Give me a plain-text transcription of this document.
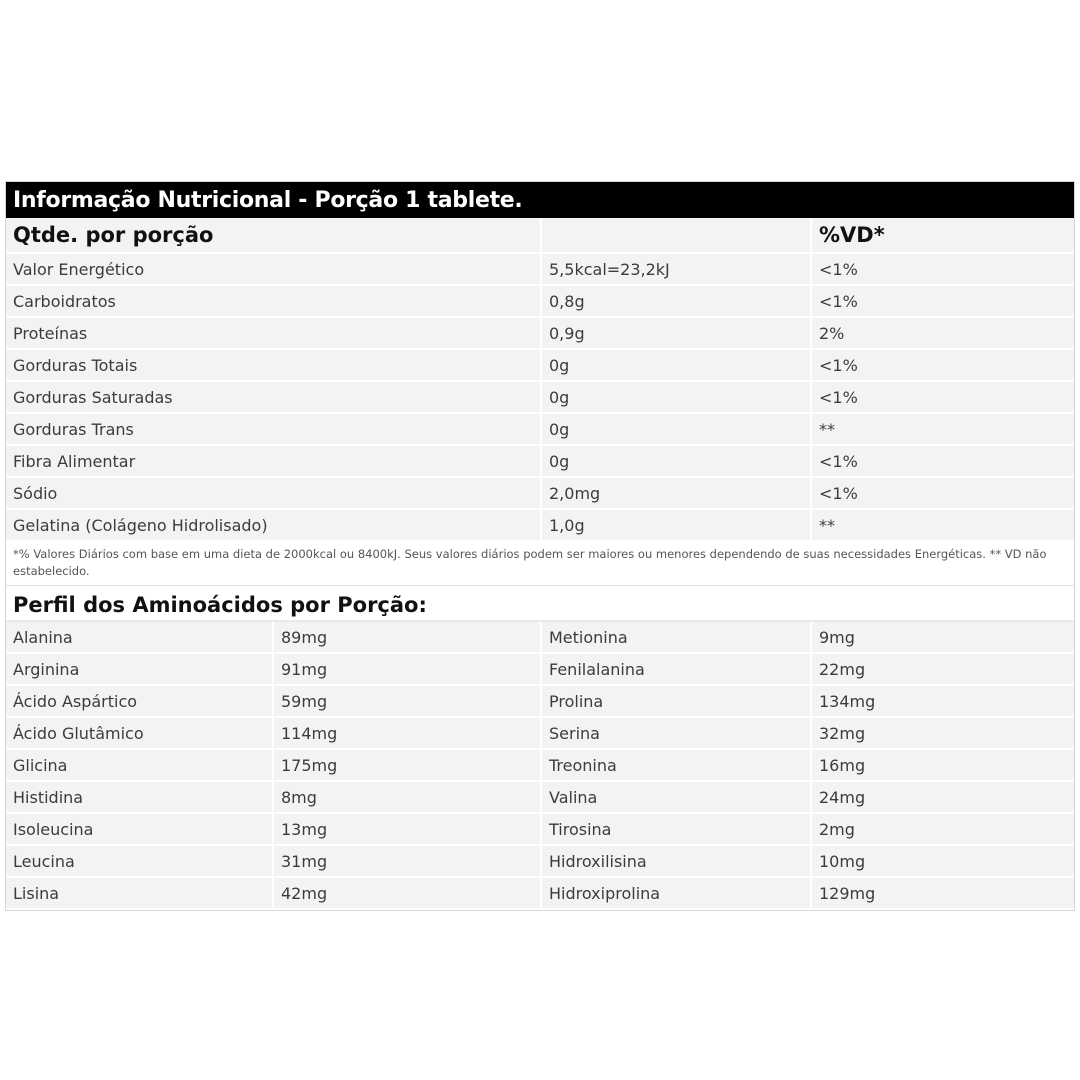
Informação Nutricional - Porção 1 tablete.
Qtde. por porção		%VD*
Valor Energético	5,5kcal=23,2kJ	<1%
Carboidratos	0,8g	<1%
Proteínas	0,9g	2%
Gorduras Totais	0g	<1%
Gorduras Saturadas	0g	<1%
Gorduras Trans	0g	**
Fibra Alimentar	0g	<1%
Sódio	2,0mg	<1%
Gelatina (Colágeno Hidrolisado)	1,0g	**
*% Valores Diários com base em uma dieta de 2000kcal ou 8400kJ. Seus valores diários podem ser maiores ou menores dependendo de suas necessidades Energéticas. ** VD não estabelecido.
Perfil dos Aminoácidos por Porção:
Alanina	89mg	Metionina	9mg
Arginina	91mg	Fenilalanina	22mg
Ácido Aspártico	59mg	Prolina	134mg
Ácido Glutâmico	114mg	Serina	32mg
Glicina	175mg	Treonina	16mg
Histidina	8mg	Valina	24mg
Isoleucina	13mg	Tirosina	2mg
Leucina	31mg	Hidroxilisina	10mg
Lisina	42mg	Hidroxiprolina	129mg
